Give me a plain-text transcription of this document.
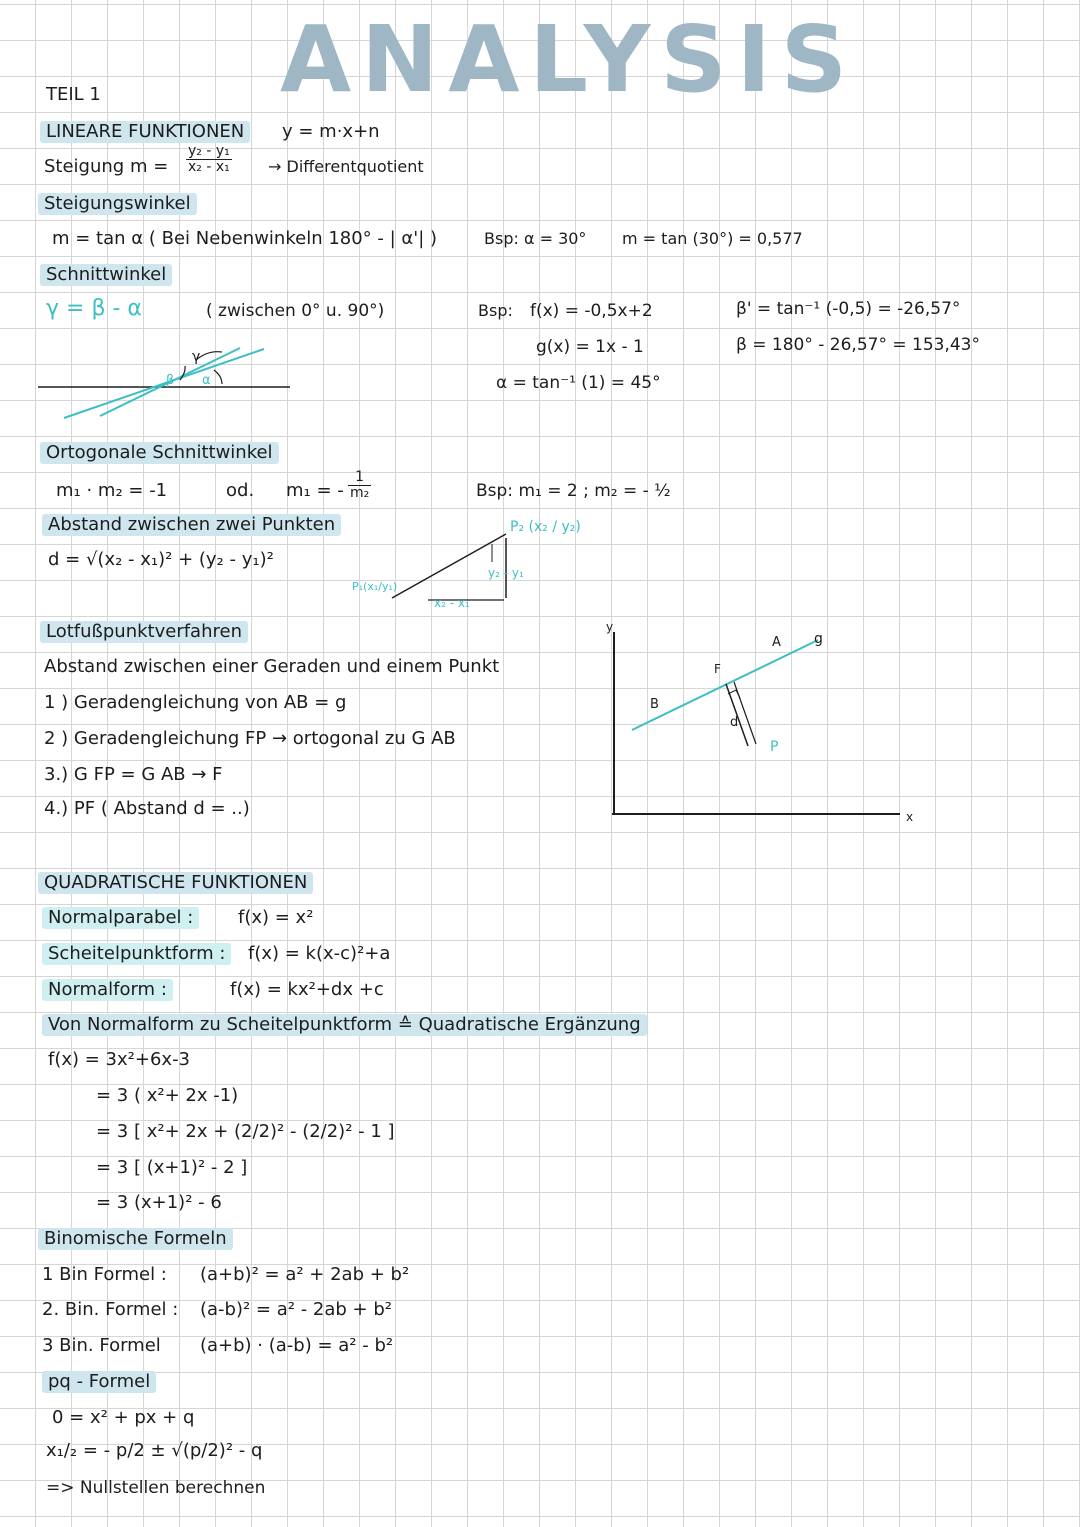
ANALYSIS
TEIL 1
LINEARE FUNKTIONEN	y = m·x+n
Steigung $m = \frac{\text{y₂ - y₁}}{\text{x₂ - x₁}}$ → Differentquotient
Steigungswinkel
m = tan α ( Bei Nebenwinkeln 180° - | α'| )	Bsp: α = 30° m = tan (30°) = 0,577
Schnittwinkel
γ = β - α	( zwischen 0° u. 90°)	Bsp: f(x) = -0,5x+2
g(x) = 1x - 1
α = tan⁻¹ (1) = 45°
β' = tan⁻¹ (-0,5) = -26,57°
β = 180° - 26,57° = 153,43°
γ
β α
Ortogonale Schnittwinkel
m₁ · m₂ = -1	od. m₁ = - $\frac{1}{\text{m₂}}$	Bsp: m₁ = 2 ; m₂ = - ½
Abstand zwischen zwei Punkten
d = √(x₂ - x₁)² + (y₂ - y₁)²
P₂ (x₂ / y₂)
P₁(x₁/y₁)
y₂ - y₁
x₂ - x₁
Lotfußpunktverfahren
Abstand zwischen einer Geraden und einem Punkt
1 ) Geradengleichung von AB = g
2 ) Geradengleichung FP → ortogonal zu G AB
3.) G FP = G AB → F
4.) PF ( Abstand d = ..)
y
x
g
A
B
F
P
d
QUADRATISCHE FUNKTIONEN
Normalparabel :	f(x) = x²
Scheitelpunktform :	f(x) = k(x-c)²+a
Normalform :	f(x) = kx²+dx +c
Von Normalform zu Scheitelpunktform ≙ Quadratische Ergänzung
f(x) = 3x²+6x-3
= 3 ( x²+ 2x -1)
= 3 [ x²+ 2x + (2/2)² - (2/2)² - 1 ]
= 3 [ (x+1)² - 2 ]
= 3 (x+1)² - 6
Binomische Formeln
1 Bin Formel : (a+b)² = a² + 2ab + b²
2. Bin. Formel : (a-b)² = a² - 2ab + b²
3 Bin. Formel (a+b) · (a-b) = a² - b²
pq - Formel
0 = x² + px + q
x₁/₂ = - p/2 ± √(p/2)² - q
=> Nullstellen berechnen
